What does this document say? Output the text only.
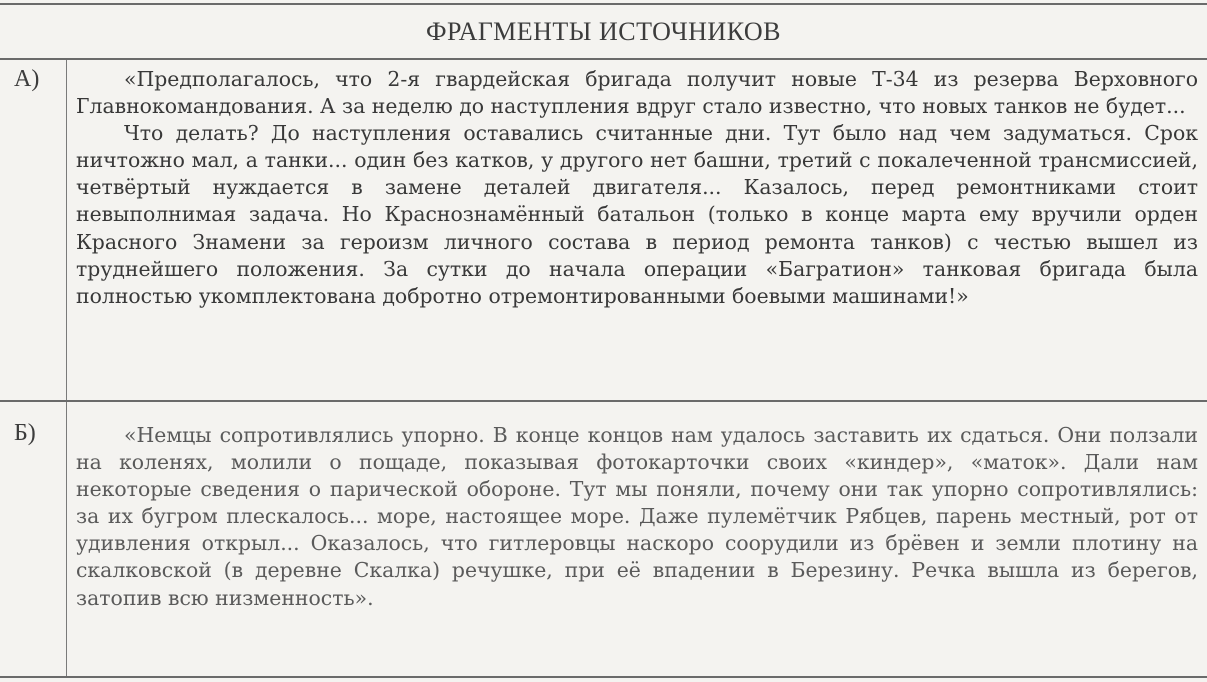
ФРАГМЕНТЫ ИСТОЧНИКОВ
А)	«Предполагалось, что 2-я гвардейская бригада получит новые Т-34 из резерва Верховного Главнокомандования. А за неделю до наступления вдруг стало известно, что новых танков не будет...

Что делать? До наступления оставались считанные дни. Тут было над чем задуматься. Срок ничтожно мал, а танки... один без катков, у другого нет башни, третий с покалеченной трансмиссией, четвёртый нуждается в замене деталей двигателя... Казалось, перед ремонтниками стоит невыполнимая задача. Но Краснознамённый батальон (только в конце марта ему вручили орден Красного Знамени за героизм личного состава в период ремонта танков) с честью вышел из труднейшего положения. За сутки до начала операции «Багратион» танковая бригада была полностью укомплектована добротно отремонтированными боевыми машинами!»

Б)	«Немцы сопротивлялись упорно. В конце концов нам удалось заставить их сдаться. Они ползали на коленях, молили о пощаде, показывая фотокарточки своих «киндер», «маток». Дали нам некоторые сведения о парической обороне. Тут мы поняли, почему они так упорно сопротивлялись: за их бугром плескалось... море, настоящее море. Даже пулемётчик Рябцев, парень местный, рот от удивления открыл... Оказалось, что гитлеровцы наскоро соорудили из брёвен и земли плотину на скалковской (в деревне Скалка) речушке, при её впадении в Березину. Речка вышла из берегов, затопив всю низменность».
